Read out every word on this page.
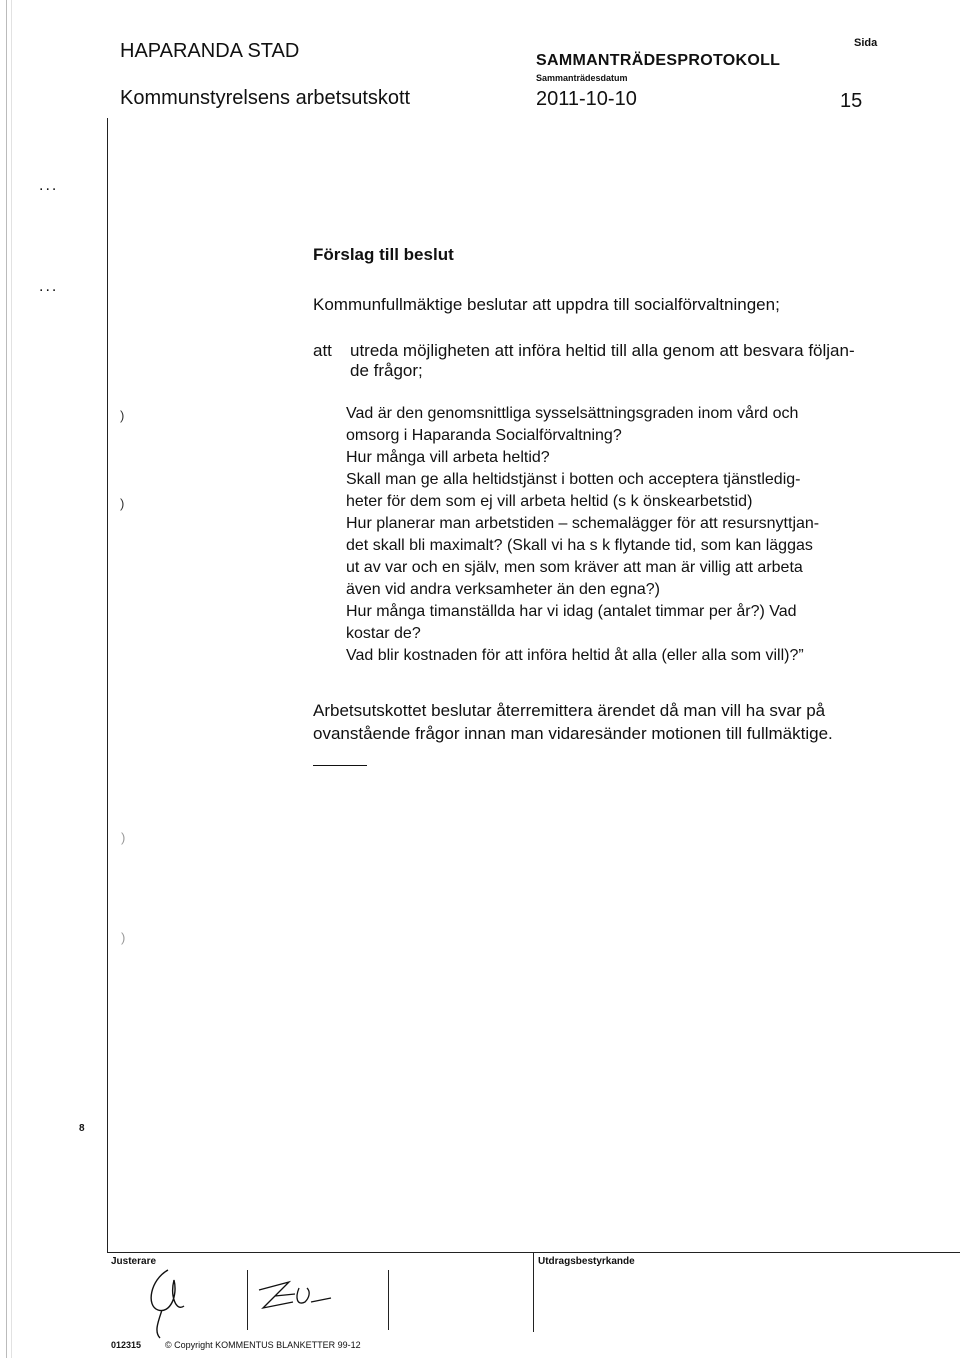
HAPARANDA STAD
Kommunstyrelsens arbetsutskott
SAMMANTRÄDESPROTOKOLL
Sammanträdesdatum
2011-10-10
Sida
15
...
...
)
)
)
)
Förslag till beslut
Kommunfullmäktige beslutar att uppdra till socialförvaltningen;
att utreda möjligheten att införa heltid till alla genom att besvara följan-
de frågor;

Vad är den genomsnittliga sysselsättningsgraden inom vård och

omsorg i Haparanda Socialförvaltning?

Hur många vill arbeta heltid?

Skall man ge alla heltidstjänst i botten och acceptera tjänstledig-

heter för dem som ej vill arbeta heltid (s k önskearbetstid)

Hur planerar man arbetstiden – schemalägger för att resursnyttjan-

det skall bli maximalt? (Skall vi ha s k flytande tid, som kan läggas

ut av var och en själv, men som kräver att man är villig att arbeta

även vid andra verksamheter än den egna?)

Hur många timanställda har vi idag (antalet timmar per år?) Vad

kostar de?

Vad blir kostnaden för att införa heltid åt alla (eller alla som vill)?”

Arbetsutskottet beslutar återremittera ärendet då man vill ha svar på
ovanstående frågor innan man vidaresänder motionen till fullmäktige.
8
Justerare	Utdragsbestyrkande
012315	© Copyright KOMMENTUS BLANKETTER 99-12
